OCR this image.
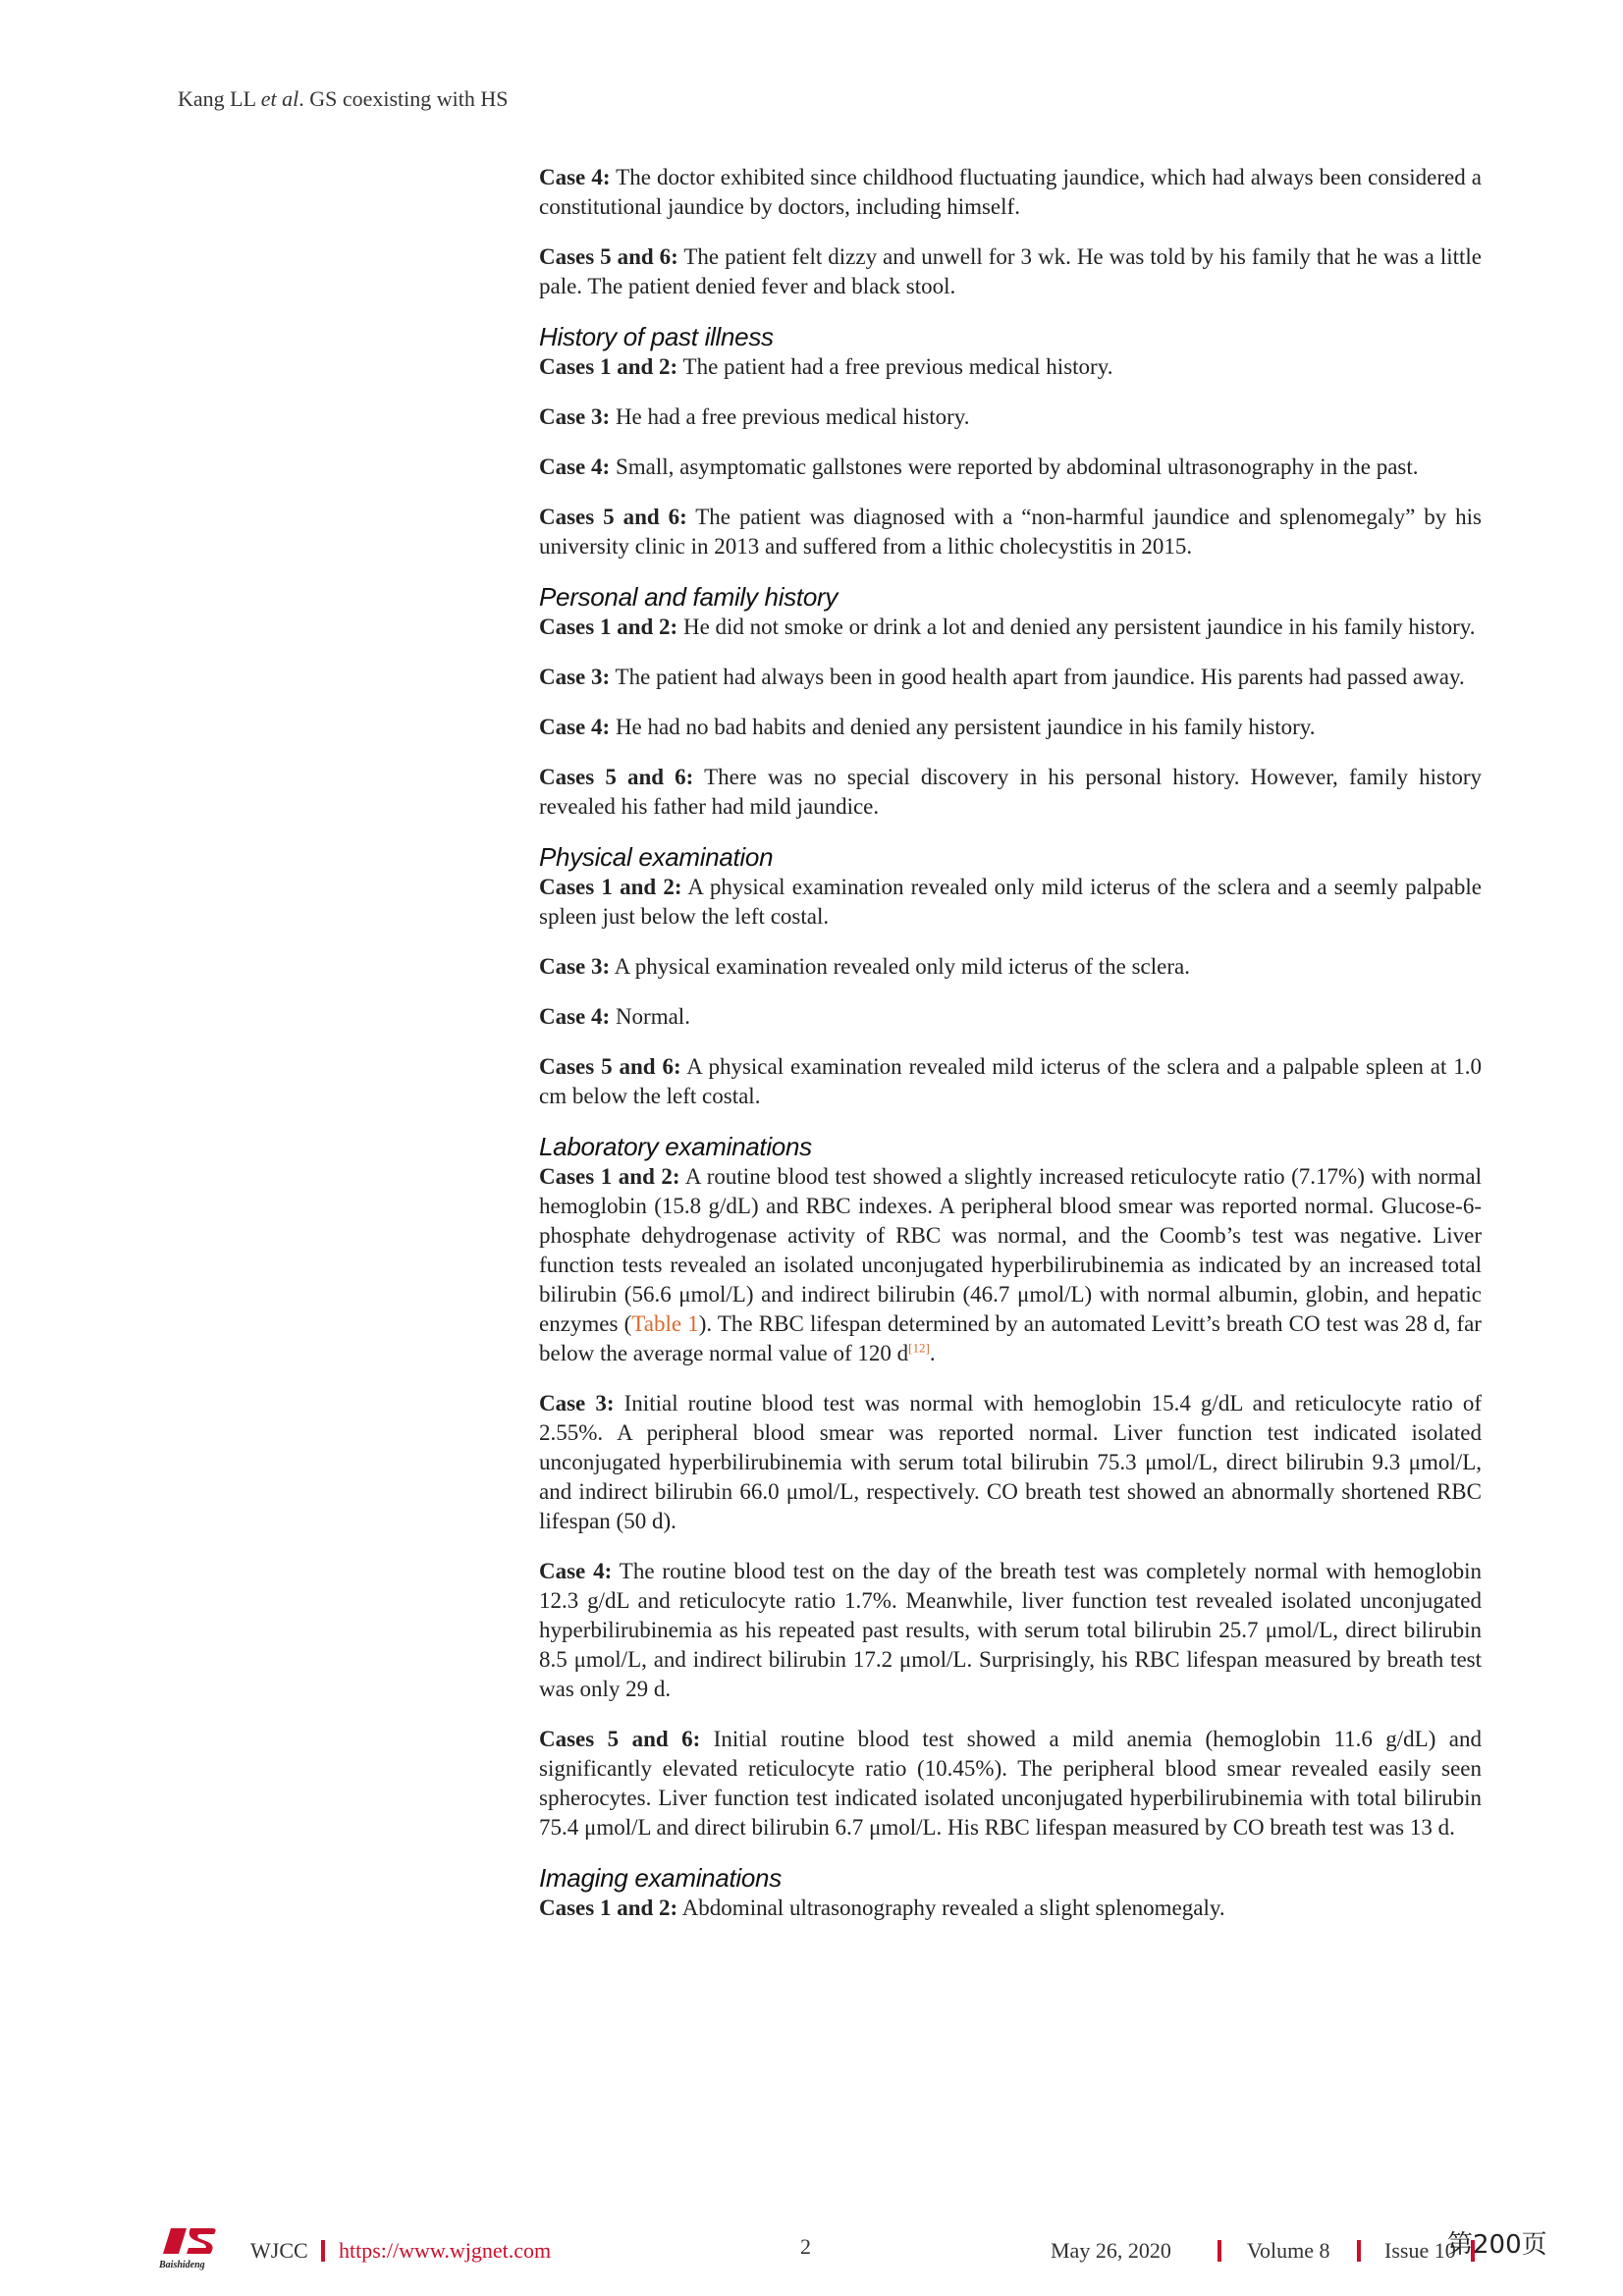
Kang LL et al. GS coexisting with HS

Case 4: The doctor exhibited since childhood fluctuating jaundice, which had always been considered a constitutional jaundice by doctors, including himself.

Cases 5 and 6: The patient felt dizzy and unwell for 3 wk. He was told by his family that he was a little pale. The patient denied fever and black stool.

History of past illness

Cases 1 and 2: The patient had a free previous medical history.

Case 3: He had a free previous medical history.

Case 4: Small, asymptomatic gallstones were reported by abdominal ultrasonography in the past.

Cases 5 and 6: The patient was diagnosed with a “non-harmful jaundice and splenomegaly” by his university clinic in 2013 and suffered from a lithic cholecystitis in 2015.

Personal and family history

Cases 1 and 2: He did not smoke or drink a lot and denied any persistent jaundice in his family history.

Case 3: The patient had always been in good health apart from jaundice. His parents had passed away.

Case 4: He had no bad habits and denied any persistent jaundice in his family history.

Cases 5 and 6: There was no special discovery in his personal history. However, family history revealed his father had mild jaundice.

Physical examination

Cases 1 and 2: A physical examination revealed only mild icterus of the sclera and a seemly palpable spleen just below the left costal.

Case 3: A physical examination revealed only mild icterus of the sclera.

Case 4: Normal.

Cases 5 and 6: A physical examination revealed mild icterus of the sclera and a palpable spleen at 1.0 cm below the left costal.

Laboratory examinations

Cases 1 and 2: A routine blood test showed a slightly increased reticulocyte ratio (7.17%) with normal hemoglobin (15.8 g/dL) and RBC indexes. A peripheral blood smear was reported normal. Glucose-6-phosphate dehydrogenase activity of RBC was normal, and the Coomb’s test was negative. Liver function tests revealed an isolated unconjugated hyperbilirubinemia as indicated by an increased total bilirubin (56.6 μmol/L) and indirect bilirubin (46.7 μmol/L) with normal albumin, globin, and hepatic enzymes (Table 1). The RBC lifespan determined by an automated Levitt’s breath CO test was 28 d, far below the average normal value of 120 d[12].

Case 3: Initial routine blood test was normal with hemoglobin 15.4 g/dL and reticulocyte ratio of 2.55%. A peripheral blood smear was reported normal. Liver function test indicated isolated unconjugated hyperbilirubinemia with serum total bilirubin 75.3 μmol/L, direct bilirubin 9.3 μmol/L, and indirect bilirubin 66.0 μmol/L, respectively. CO breath test showed an abnormally shortened RBC lifespan (50 d).

Case 4: The routine blood test on the day of the breath test was completely normal with hemoglobin 12.3 g/dL and reticulocyte ratio 1.7%. Meanwhile, liver function test revealed isolated unconjugated hyperbilirubinemia as his repeated past results, with serum total bilirubin 25.7 μmol/L, direct bilirubin 8.5 μmol/L, and indirect bilirubin 17.2 μmol/L. Surprisingly, his RBC lifespan measured by breath test was only 29 d.

Cases 5 and 6: Initial routine blood test showed a mild anemia (hemoglobin 11.6 g/dL) and significantly elevated reticulocyte ratio (10.45%). The peripheral blood smear revealed easily seen spherocytes. Liver function test indicated isolated unconjugated hyperbilirubinemia with total bilirubin 75.4 μmol/L and direct bilirubin 6.7 μmol/L. His RBC lifespan measured by CO breath test was 13 d.

Imaging examinations

Cases 1 and 2: Abdominal ultrasonography revealed a slight splenomegaly.

Baishideng
WJCC https://www.wjgnet.com	2	May 26, 2020	Volume 8	Issue 10
第200页
